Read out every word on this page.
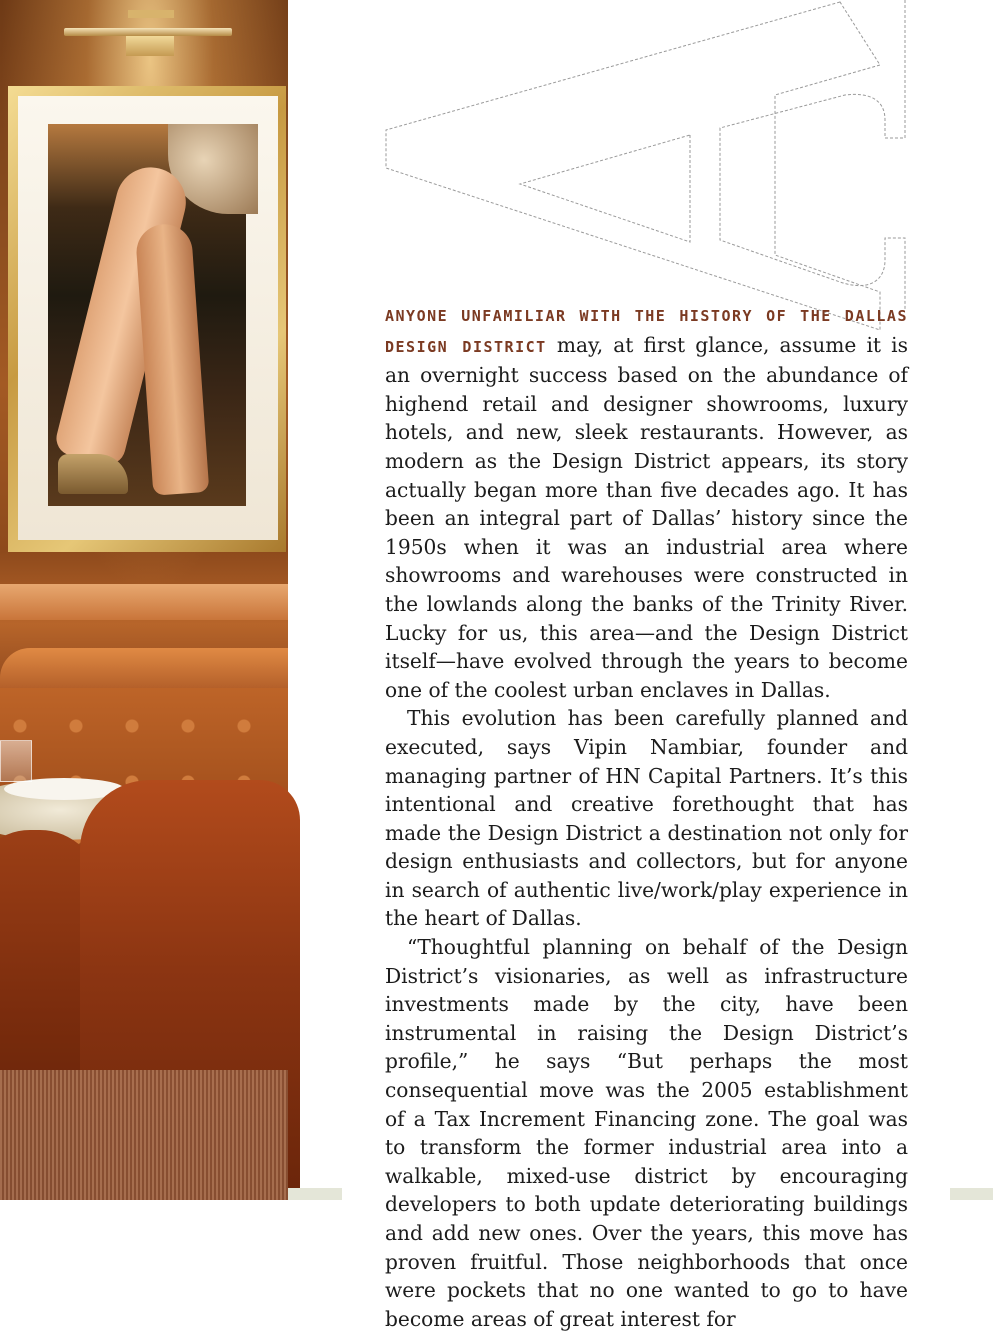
ANYONE UNFAMILIAR WITH THE HISTORY OF THE DALLAS
DESIGN DISTRICT may, at first glance, assume it is an overnight success based on the abundance of highend retail and designer showrooms, luxury hotels, and new, sleek restaurants. However, as modern as the Design District appears, its story actually began more than five decades ago. It has been an integral part of Dallas’ history since the 1950s when it was an industrial area where showrooms and warehouses were constructed in the lowlands along the banks of the Trinity River. Lucky for us, this area—and the Design District itself—have evolved through the years to become one of the coolest urban enclaves in Dallas.

This evolution has been carefully planned and executed, says Vipin Nambiar, founder and managing partner of HN Capital Partners. It’s this intentional and creative forethought that has made the Design District a destination not only for design enthusiasts and collectors, but for anyone in search of authentic live/work/play experience in the heart of Dallas.

“Thoughtful planning on behalf of the Design District’s visionaries, as well as infrastructure investments made by the city, have been instrumental in raising the Design District’s profile,” he says “But perhaps the most consequential move was the 2005 establishment of a Tax Increment Financing zone. The goal was to transform the former industrial area into a walkable, mixed-use district by encouraging developers to both update deteriorating buildings and add new ones. Over the years, this move has proven fruitful. Those neighborhoods that once were pockets that no one wanted to go to have become areas of great interest for
